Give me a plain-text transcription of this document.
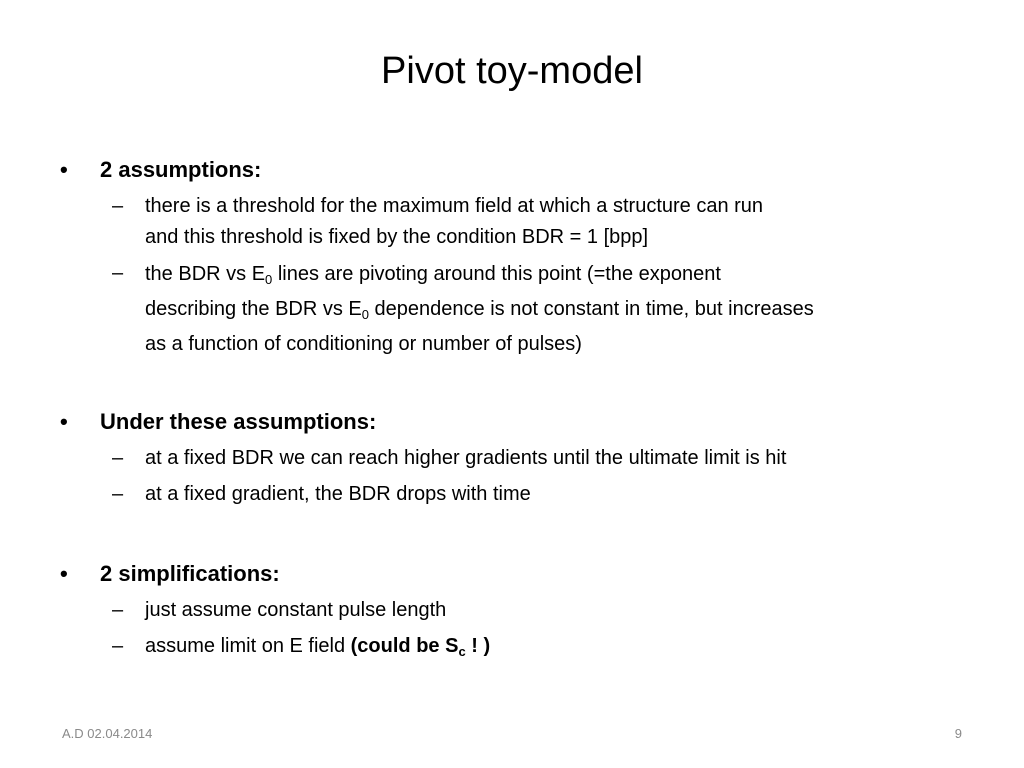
Pivot toy-model
• 2 assumptions:
– there is a threshold for the maximum field at which a structure can run
and this threshold is fixed by the condition BDR = 1 [bpp]
– the BDR vs $E_0$ lines are pivoting around this point (=the exponent
describing the BDR vs $E_0$ dependence is not constant in time, but increases
as a function of conditioning or number of pulses)
• Under these assumptions:
– at a fixed BDR we can reach higher gradients until the ultimate limit is hit
– at a fixed gradient, the BDR drops with time
• 2 simplifications:
– just assume constant pulse length
– assume limit on E field (could be $S_c$ ! )
A.D 02.04.2014	9
